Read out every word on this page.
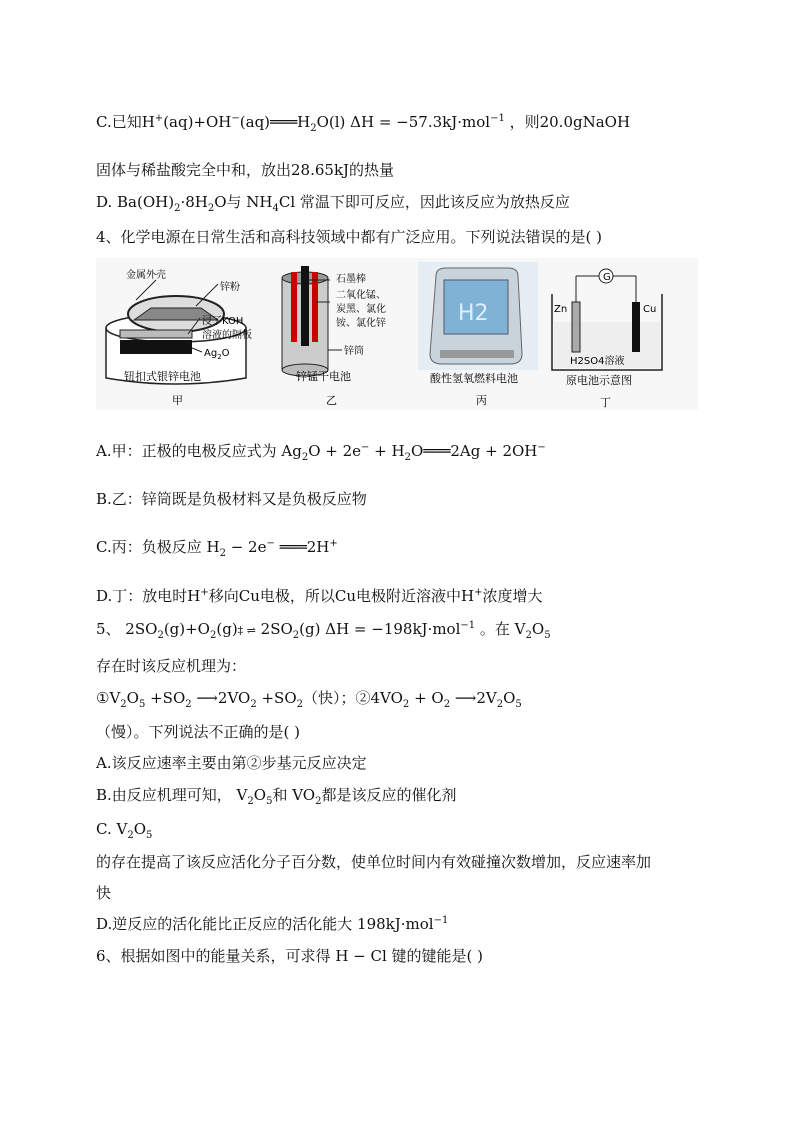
C.已知$H^+(aq)+OH^-(aq)═══H_2O(l) \Delta H = -57.3kJ\cdot mol^{-1}$ ，则20.0gNaOH
固体与稀盐酸完全中和，放出28.65kJ的热量
D. $Ba(OH)_2\cdot 8H_2O$与 $NH_4Cl$ 常温下即可反应，因此该反应为放热反应
4、化学电源在日常生活和高科技领域中都有广泛应用。下列说法错误的是( )
金属外壳
锌粉
浸了KOH
溶液的隔板
$Ag_2O$
钮扣式银锌电池
甲
石墨棒
二氧化锰、
炭黑、氯化
铵、氯化锌
锌筒
锌锰干电池
乙
H2
酸性氢氧燃料电池
丙
G
Zn	Cu
H2SO4溶液
原电池示意图
丁
A.甲：正极的电极反应式为 $Ag_2O + 2e^-$ + $H_2O═══2Ag + 2OH^-$
B.乙：锌筒既是负极材料又是负极反应物
C.丙：负极反应 $H_2 - 2e^-$ ═══2H+
D.丁：放电时H+移向Cu电极，所以Cu电极附近溶液中H+浓度增大
5、 $2SO_2(g)+O_2(g)\ddagger$ ⇌ $2SO_2(g) \Delta H = -198kJ\cdot mol^{-1}$ 。在 $V_2O_5$
存在时该反应机理为：
$①V_2O_5 +SO_2$ $⟶2VO_2 +SO_2$（快）；$②4VO_2 + O_2$ $⟶2V_2O_5$
（慢）。下列说法不正确的是( )
A.该反应速率主要由第②步基元反应决定
B.由反应机理可知， $V_2O_5$和 $VO_2$都是该反应的催化剂
C. $V_2O_5$
的存在提高了该反应活化分子百分数，使单位时间内有效碰撞次数增加，反应速率加
快
D.逆反应的活化能比正反应的活化能大 198kJ·mol$^{-1}$
6、根据如图中的能量关系，可求得 H − Cl 键的键能是( )
